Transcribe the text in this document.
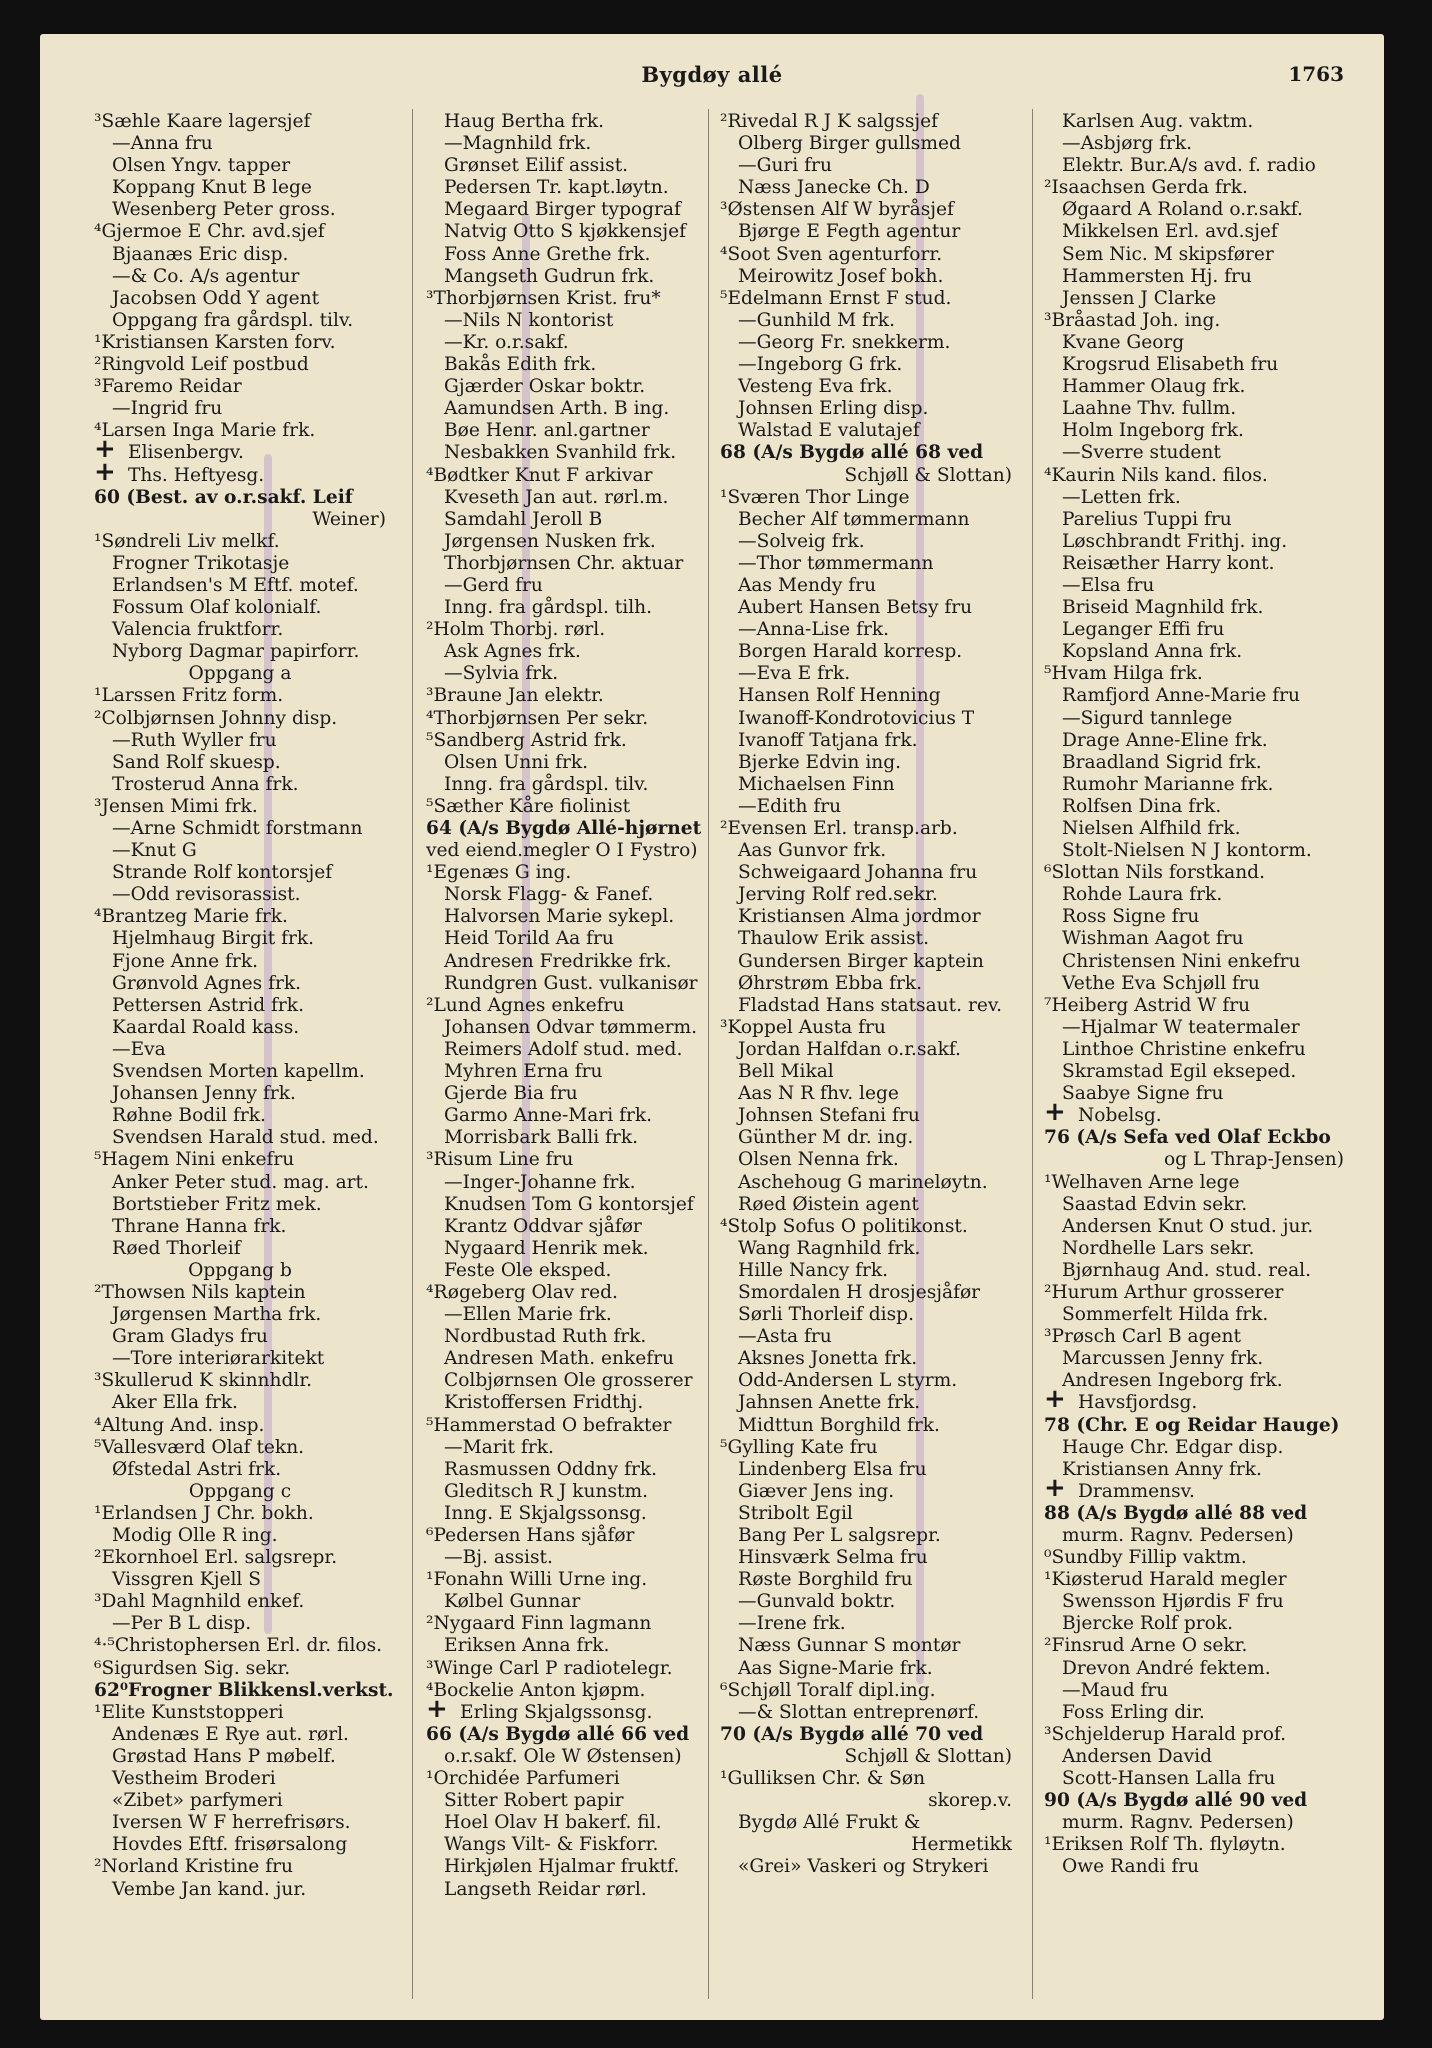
Bygdøy allé	1763
³Sæhle Kaare lagersjef
—Anna fru
Olsen Yngv. tapper
Koppang Knut B lege
Wesenberg Peter gross.
⁴Gjermoe E Chr. avd.sjef
Bjaanæs Eric disp.
—& Co. A/s agentur
Jacobsen Odd Y agent
Oppgang fra gårdspl. tilv.
¹Kristiansen Karsten forv.
²Ringvold Leif postbud
³Faremo Reidar
—Ingrid fru
⁴Larsen Inga Marie frk.
+ Elisenbergv.
+ Ths. Heftyesg.
60 (Best. av o.r.sakf. Leif
Weiner)
¹Søndreli Liv melkf.
Frogner Trikotasje
Erlandsen's M Eftf. motef.
Fossum Olaf kolonialf.
Valencia fruktforr.
Nyborg Dagmar papirforr.
Oppgang a
¹Larssen Fritz form.
²Colbjørnsen Johnny disp.
—Ruth Wyller fru
Sand Rolf skuesp.
Trosterud Anna frk.
³Jensen Mimi frk.
—Arne Schmidt forstmann
—Knut G
Strande Rolf kontorsjef
—Odd revisorassist.
⁴Brantzeg Marie frk.
Hjelmhaug Birgit frk.
Fjone Anne frk.
Grønvold Agnes frk.
Pettersen Astrid frk.
Kaardal Roald kass.
—Eva
Svendsen Morten kapellm.
Johansen Jenny frk.
Røhne Bodil frk.
Svendsen Harald stud. med.
⁵Hagem Nini enkefru
Anker Peter stud. mag. art.
Bortstieber Fritz mek.
Thrane Hanna frk.
Røed Thorleif
Oppgang b
²Thowsen Nils kaptein
Jørgensen Martha frk.
Gram Gladys fru
—Tore interiørarkitekt
³Skullerud K skinnhdlr.
Aker Ella frk.
⁴Altung And. insp.
⁵Vallesværd Olaf tekn.
Øfstedal Astri frk.
Oppgang c
¹Erlandsen J Chr. bokh.
Modig Olle R ing.
²Ekornhoel Erl. salgsrepr.
Vissgren Kjell S
³Dahl Magnhild enkef.
—Per B L disp.
⁴·⁵Christophersen Erl. dr. filos.
⁶Sigurdsen Sig. sekr.
62⁰Frogner Blikkensl.verkst.
¹Elite Kunststopperi
Andenæs E Rye aut. rørl.
Grøstad Hans P møbelf.
Vestheim Broderi
«Zibet» parfymeri
Iversen W F herrefrisørs.
Hovdes Eftf. frisørsalong
²Norland Kristine fru
Vembe Jan kand. jur.
Haug Bertha frk.
—Magnhild frk.
Grønset Eilif assist.
Pedersen Tr. kapt.løytn.
Megaard Birger typograf
Natvig Otto S kjøkkensjef
Foss Anne Grethe frk.
Mangseth Gudrun frk.
³Thorbjørnsen Krist. fru*
—Nils N kontorist
—Kr. o.r.sakf.
Bakås Edith frk.
Gjærder Oskar boktr.
Aamundsen Arth. B ing.
Bøe Henr. anl.gartner
Nesbakken Svanhild frk.
⁴Bødtker Knut F arkivar
Kveseth Jan aut. rørl.m.
Samdahl Jeroll B
Jørgensen Nusken frk.
Thorbjørnsen Chr. aktuar
—Gerd fru
Inng. fra gårdspl. tilh.
²Holm Thorbj. rørl.
Ask Agnes frk.
—Sylvia frk.
³Braune Jan elektr.
⁴Thorbjørnsen Per sekr.
⁵Sandberg Astrid frk.
Olsen Unni frk.
Inng. fra gårdspl. tilv.
⁵Sæther Kåre fiolinist
64 (A/s Bygdø Allé-hjørnet
ved eiend.megler O I Fystro)
¹Egenæs G ing.
Norsk Flagg- & Fanef.
Halvorsen Marie sykepl.
Heid Torild Aa fru
Andresen Fredrikke frk.
Rundgren Gust. vulkanisør
²Lund Agnes enkefru
Johansen Odvar tømmerm.
Reimers Adolf stud. med.
Myhren Erna fru
Gjerde Bia fru
Garmo Anne-Mari frk.
Morrisbark Balli frk.
³Risum Line fru
—Inger-Johanne frk.
Knudsen Tom G kontorsjef
Krantz Oddvar sjåfør
Nygaard Henrik mek.
Feste Ole eksped.
⁴Røgeberg Olav red.
—Ellen Marie frk.
Nordbustad Ruth frk.
Andresen Math. enkefru
Colbjørnsen Ole grosserer
Kristoffersen Fridthj.
⁵Hammerstad O befrakter
—Marit frk.
Rasmussen Oddny frk.
Gleditsch R J kunstm.
Inng. E Skjalgssonsg.
⁶Pedersen Hans sjåfør
—Bj. assist.
¹Fonahn Willi Urne ing.
Kølbel Gunnar
²Nygaard Finn lagmann
Eriksen Anna frk.
³Winge Carl P radiotelegr.
⁴Bockelie Anton kjøpm.
+ Erling Skjalgssonsg.
66 (A/s Bygdø allé 66 ved
o.r.sakf. Ole W Østensen)
¹Orchidée Parfumeri
Sitter Robert papir
Hoel Olav H bakerf. fil.
Wangs Vilt- & Fiskforr.
Hirkjølen Hjalmar fruktf.
Langseth Reidar rørl.
²Rivedal R J K salgssjef
Olberg Birger gullsmed
—Guri fru
Næss Janecke Ch. D
³Østensen Alf W byråsjef
Bjørge E Fegth agentur
⁴Soot Sven agenturforr.
Meirowitz Josef bokh.
⁵Edelmann Ernst F stud.
—Gunhild M frk.
—Georg Fr. snekkerm.
—Ingeborg G frk.
Vesteng Eva frk.
Johnsen Erling disp.
Walstad E valutajef
68 (A/s Bygdø allé 68 ved
Schjøll & Slottan)
¹Sværen Thor Linge
Becher Alf tømmermann
—Solveig frk.
—Thor tømmermann
Aas Mendy fru
Aubert Hansen Betsy fru
—Anna-Lise frk.
Borgen Harald korresp.
—Eva E frk.
Hansen Rolf Henning
Iwanoff-Kondrotovicius T
Ivanoff Tatjana frk.
Bjerke Edvin ing.
Michaelsen Finn
—Edith fru
²Evensen Erl. transp.arb.
Aas Gunvor frk.
Schweigaard Johanna fru
Jerving Rolf red.sekr.
Kristiansen Alma jordmor
Thaulow Erik assist.
Gundersen Birger kaptein
Øhrstrøm Ebba frk.
Fladstad Hans statsaut. rev.
³Koppel Austa fru
Jordan Halfdan o.r.sakf.
Bell Mikal
Aas N R fhv. lege
Johnsen Stefani fru
Günther M dr. ing.
Olsen Nenna frk.
Aschehoug G marineløytn.
Røed Øistein agent
⁴Stolp Sofus O politikonst.
Wang Ragnhild frk.
Hille Nancy frk.
Smordalen H drosjesjåfør
Sørli Thorleif disp.
—Asta fru
Aksnes Jonetta frk.
Odd-Andersen L styrm.
Jahnsen Anette frk.
Midttun Borghild frk.
⁵Gylling Kate fru
Lindenberg Elsa fru
Giæver Jens ing.
Stribolt Egil
Bang Per L salgsrepr.
Hinsværk Selma fru
Røste Borghild fru
—Gunvald boktr.
—Irene frk.
Næss Gunnar S montør
Aas Signe-Marie frk.
⁶Schjøll Toralf dipl.ing.
—& Slottan entreprenørf.
70 (A/s Bygdø allé 70 ved
Schjøll & Slottan)
¹Gulliksen Chr. & Søn
skorep.v.
Bygdø Allé Frukt &
Hermetikk
«Grei» Vaskeri og Strykeri
Karlsen Aug. vaktm.
—Asbjørg frk.
Elektr. Bur.A/s avd. f. radio
²Isaachsen Gerda frk.
Øgaard A Roland o.r.sakf.
Mikkelsen Erl. avd.sjef
Sem Nic. M skipsfører
Hammersten Hj. fru
Jenssen J Clarke
³Bråastad Joh. ing.
Kvane Georg
Krogsrud Elisabeth fru
Hammer Olaug frk.
Laahne Thv. fullm.
Holm Ingeborg frk.
—Sverre student
⁴Kaurin Nils kand. filos.
—Letten frk.
Parelius Tuppi fru
Løschbrandt Frithj. ing.
Reisæther Harry kont.
—Elsa fru
Briseid Magnhild frk.
Leganger Effi fru
Kopsland Anna frk.
⁵Hvam Hilga frk.
Ramfjord Anne-Marie fru
—Sigurd tannlege
Drage Anne-Eline frk.
Braadland Sigrid frk.
Rumohr Marianne frk.
Rolfsen Dina frk.
Nielsen Alfhild frk.
Stolt-Nielsen N J kontorm.
⁶Slottan Nils forstkand.
Rohde Laura frk.
Ross Signe fru
Wishman Aagot fru
Christensen Nini enkefru
Vethe Eva Schjøll fru
⁷Heiberg Astrid W fru
—Hjalmar W teatermaler
Linthoe Christine enkefru
Skramstad Egil ekseped.
Saabye Signe fru
+ Nobelsg.
76 (A/s Sefa ved Olaf Eckbo
og L Thrap-Jensen)
¹Welhaven Arne lege
Saastad Edvin sekr.
Andersen Knut O stud. jur.
Nordhelle Lars sekr.
Bjørnhaug And. stud. real.
²Hurum Arthur grosserer
Sommerfelt Hilda frk.
³Prøsch Carl B agent
Marcussen Jenny frk.
Andresen Ingeborg frk.
+ Havsfjordsg.
78 (Chr. E og Reidar Hauge)
Hauge Chr. Edgar disp.
Kristiansen Anny frk.
+ Drammensv.
88 (A/s Bygdø allé 88 ved
murm. Ragnv. Pedersen)
⁰Sundby Fillip vaktm.
¹Kiøsterud Harald megler
Swensson Hjørdis F fru
Bjercke Rolf prok.
²Finsrud Arne O sekr.
Drevon André fektem.
—Maud fru
Foss Erling dir.
³Schjelderup Harald prof.
Andersen David
Scott-Hansen Lalla fru
90 (A/s Bygdø allé 90 ved
murm. Ragnv. Pedersen)
¹Eriksen Rolf Th. flyløytn.
Owe Randi fru
